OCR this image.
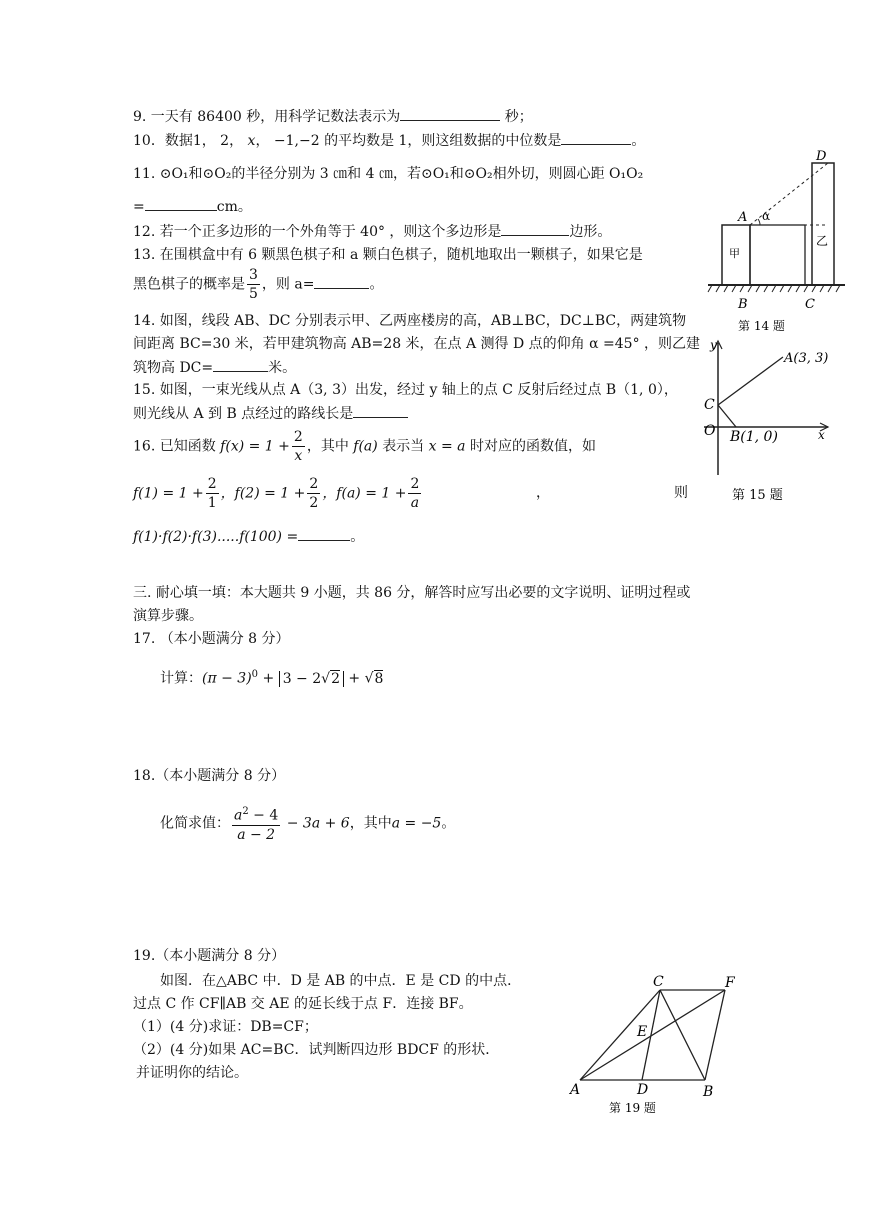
9. 一天有 86400 秒，用科学记数法表示为	秒；
10．数据1， 2， x， −1,−2 的平均数是 1，则这组数据的中位数是	。
11. ⊙O₁和⊙O₂的半径分别为 3 ㎝和 4 ㎝，若⊙O₁和⊙O₂相外切，则圆心距 O₁O₂
=	cm。
12. 若一个正多边形的一个外角等于 40° ，则这个多边形是	边形。
13. 在围棋盒中有 6 颗黑色棋子和 a 颗白色棋子，随机地取出一颗棋子，如果它是
黑色棋子的概率是 $\frac{3}{5}$ ，则 a=	。
14. 如图，线段 AB、DC 分别表示甲、乙两座楼房的高，AB⊥BC，DC⊥BC，两建筑物
间距离 BC=30 米，若甲建筑物高 AB=28 米，在点 A 测得 D 点的仰角 α =45° ，则乙建
筑物高 DC=	米。
15. 如图，一束光线从点 A（3, 3）出发，经过 y 轴上的点 C 反射后经过点 B（1, 0），
则光线从 A 到 B 点经过的路线长是
16. 已知函数 $f(x) = 1 + \frac{2}{x}$ ，其中 f(a) 表示当 x = a 时对应的函数值，如
$f(1) = 1 + \frac{2}{1}$ ，$f(2) = 1 + \frac{2}{2}$ ，$f(a) = 1 + \frac{2}{a}$	，	则
f(1)·f(2)·f(3).....f(100) =	。
三. 耐心填一填：本大题共 9 小题，共 86 分，解答时应写出必要的文字说明、证明过程或
演算步骤。
17. （本小题满分 8 分）
计算：$(\pi - 3)^0 + 3 - 2√2 + √8$
18.（本小题满分 8 分）
化简求值： $\frac{a^2 - 4}{a - 2} - 3a + 6$，其中a = −5。
19.（本小题满分 8 分）
如图．在△ABC 中．D 是 AB 的中点．E 是 CD 的中点．
过点 C 作 CF∥AB 交 AE 的延长线于点 F．连接 BF。
（1）(4 分)求证：DB=CF；
（2）(4 分)如果 AC=BC．试判断四边形 BDCF 的形状．
并证明你的结论。
D
A α
甲
乙
B	C
第 14 题
y
x
A(3, 3)
C
O B(1, 0)
第 15 题
C	F
E
A	D	B
第 19 题
